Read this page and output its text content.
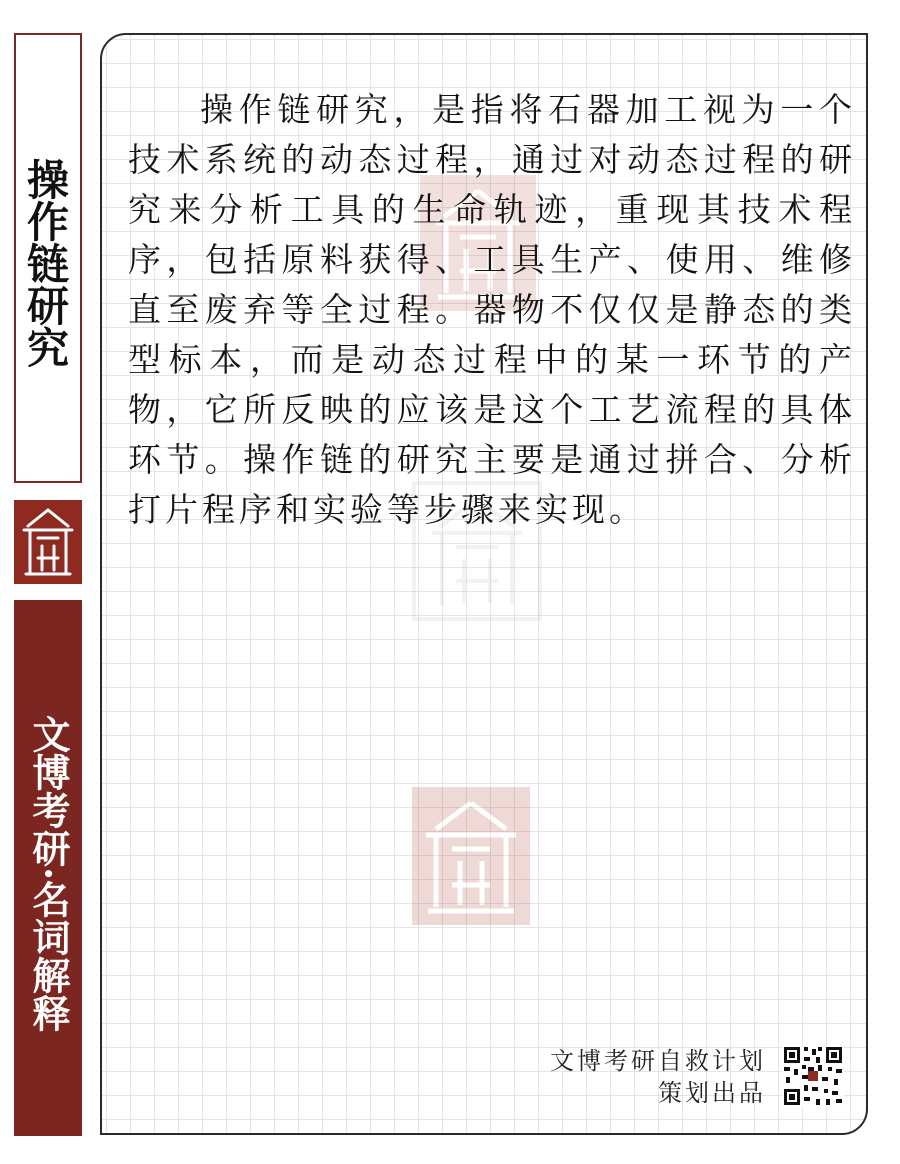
操作链研究
文博考研·名词解释

操作链研究，是指将石器加工视为一个技术系统的动态过程，通过对动态过程的研究来分析工具的生命轨迹，重现其技术程序，包括原料获得、工具生产、使用、维修直至废弃等全过程。器物不仅仅是静态的类型标本，而是动态过程中的某一环节的产物，它所反映的应该是这个工艺流程的具体环节。操作链的研究主要是通过拼合、分析打片程序和实验等步骤来实现。

文博考研自救计划
策划出品
